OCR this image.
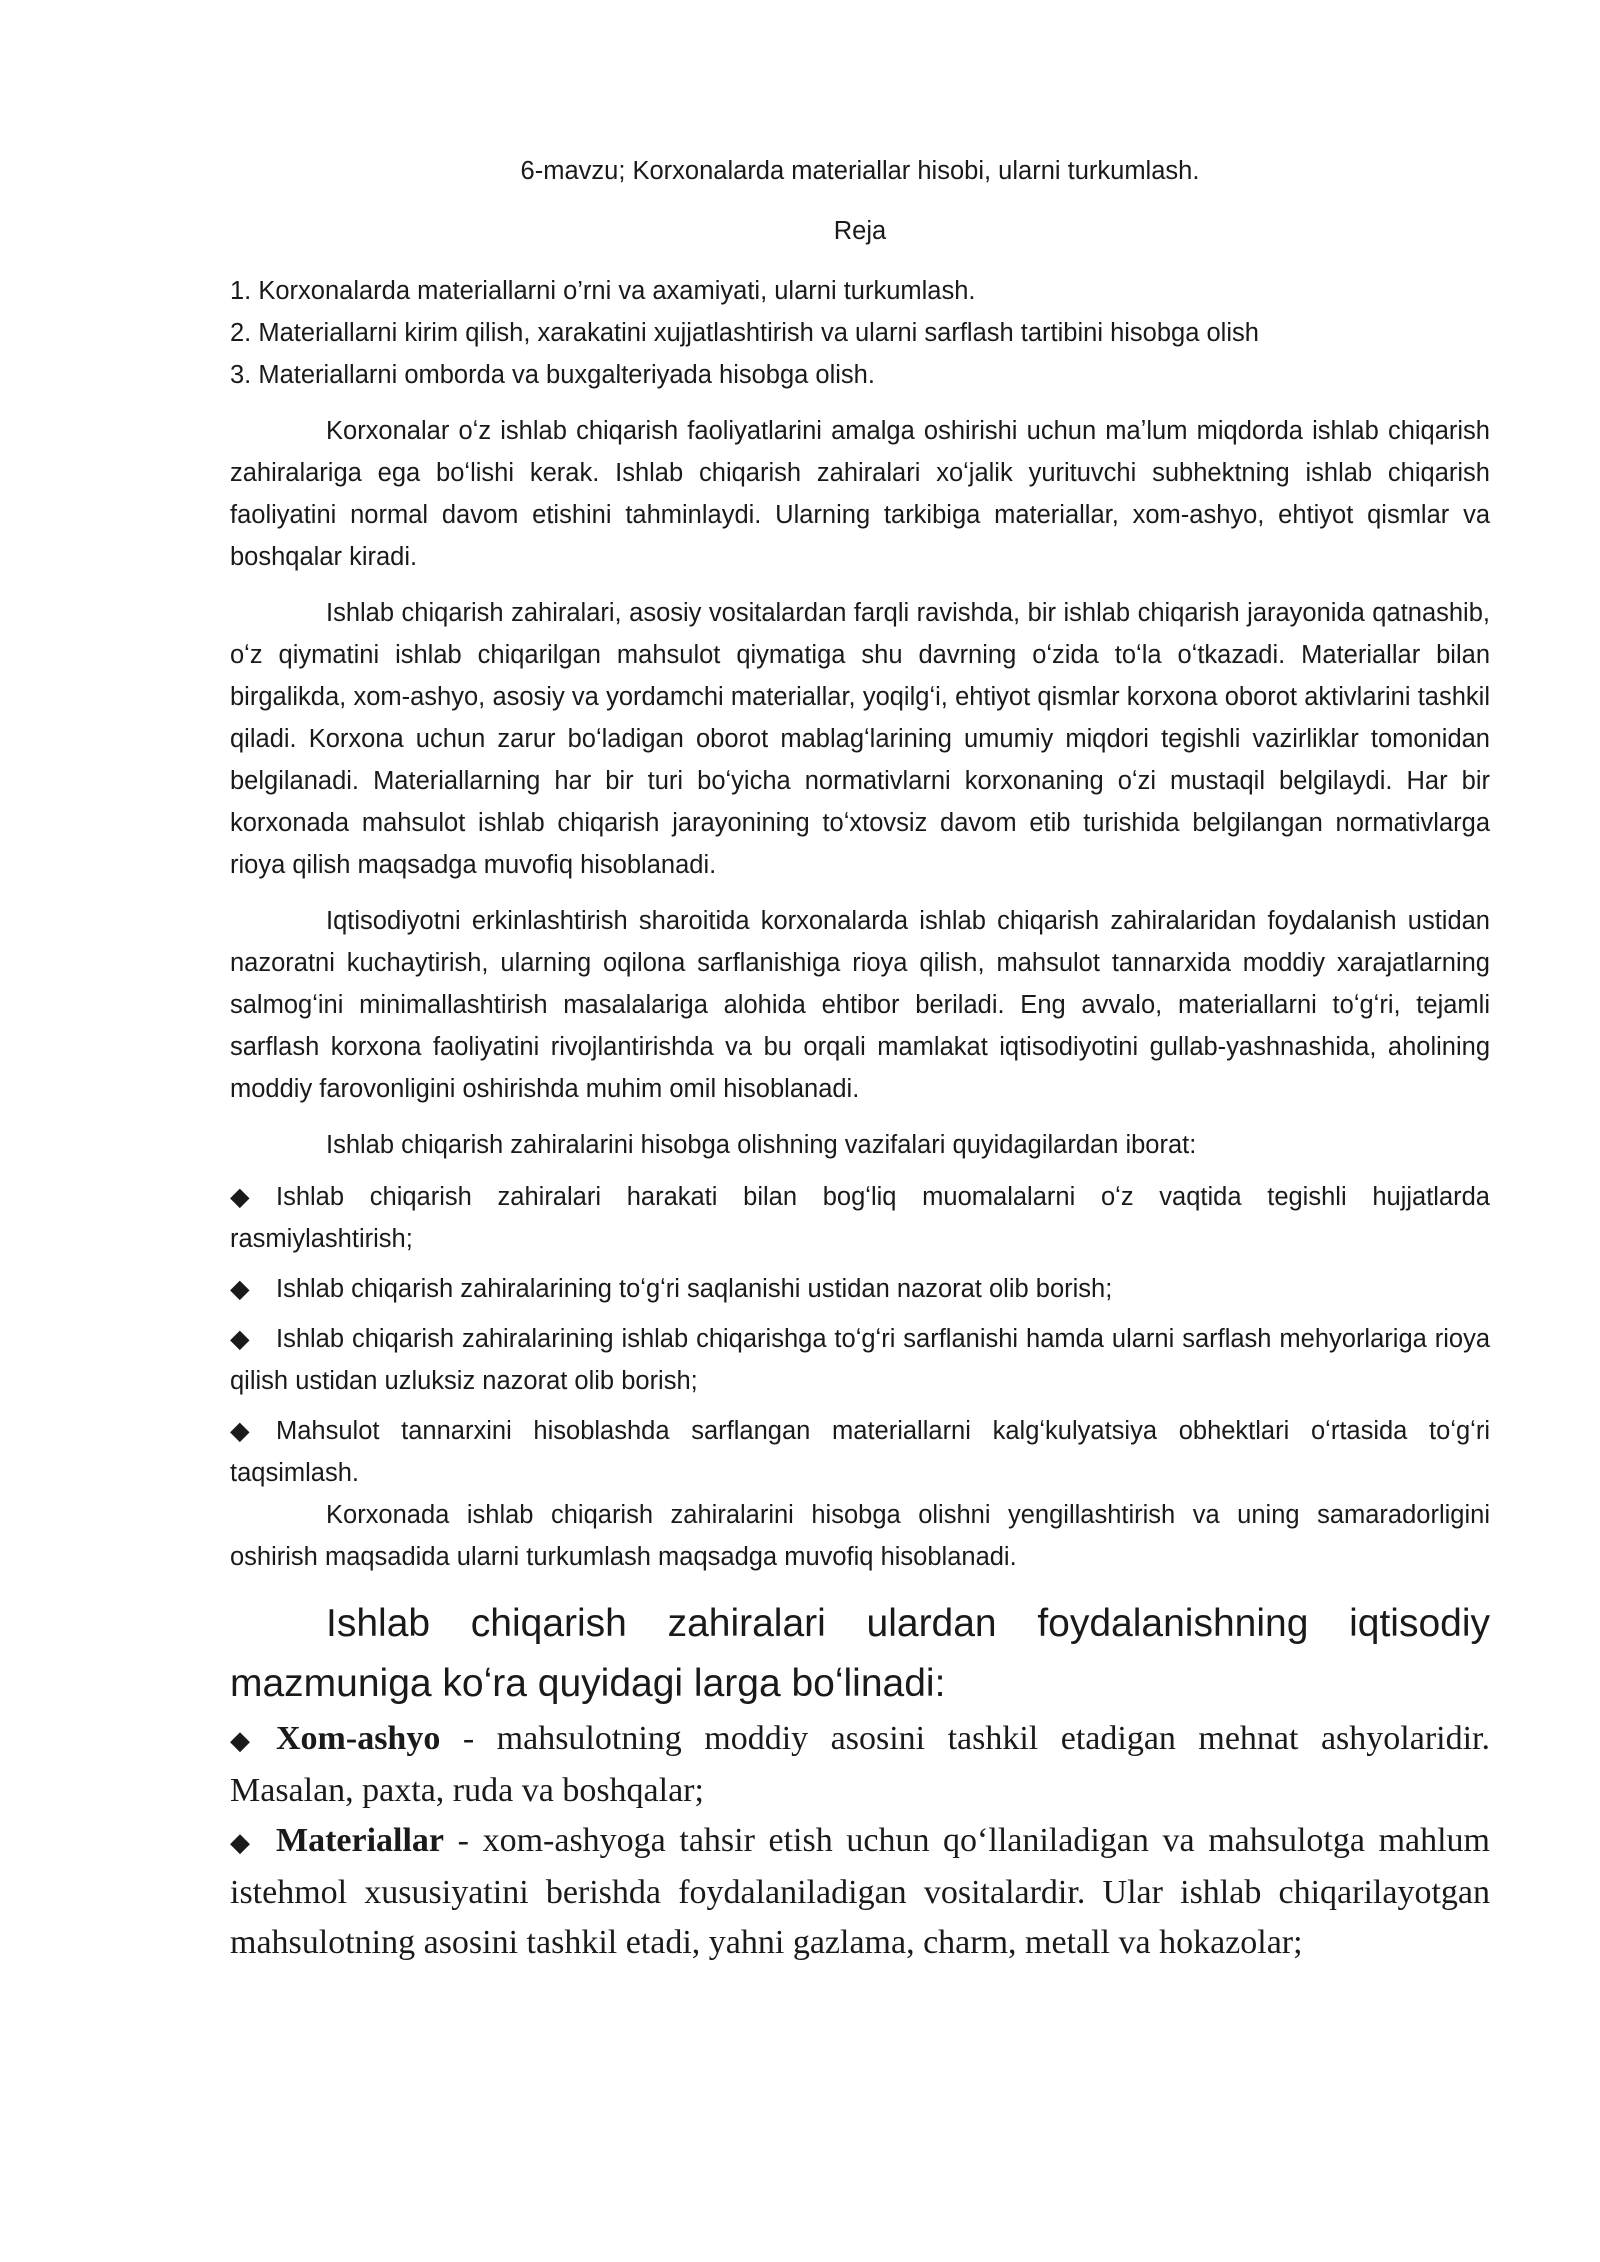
6-mavzu; Korxonalarda materiallar hisobi, ularni turkumlash.

Reja

1. Korxonalarda materiallarni o’rni va axamiyati, ularni turkumlash.

2. Materiallarni kirim qilish, xarakatini xujjatlashtirish va ularni sarflash tartibini hisobga olish

3. Materiallarni omborda va buxgalteriyada hisobga olish.

Korxonalar oʻz ishlab chiqarish faoliyatlarini amalga oshirishi uchun maʼlum miqdorda ishlab chiqarish zahiralariga ega boʻlishi kerak. Ishlab chiqarish zahiralari xoʻjalik yurituvchi subhektning ishlab chiqarish faoliyatini normal davom etishini tahminlaydi. Ularning tarkibiga materiallar, xom-ashyo, ehtiyot qismlar va boshqalar kiradi.

Ishlab chiqarish zahiralari, asosiy vositalardan farqli ravishda, bir ishlab chiqarish jarayonida qatnashib, oʻz qiymatini ishlab chiqarilgan mahsulot qiymatiga shu davrning oʻzida toʻla oʻtkazadi. Materiallar bilan birgalikda, xom-ashyo, asosiy va yordamchi materiallar, yoqilgʻi, ehtiyot qismlar korxona oborot aktivlarini tashkil qiladi. Korxona uchun zarur boʻladigan oborot mablagʻlarining umumiy miqdori tegishli vazirliklar tomonidan belgilanadi. Materiallarning har bir turi boʻyicha normativlarni korxonaning oʻzi mustaqil belgilaydi. Har bir korxonada mahsulot ishlab chiqarish jarayonining toʻxtovsiz davom etib turishida belgilangan normativlarga rioya qilish maqsadga muvofiq hisoblanadi.

Iqtisodiyotni erkinlashtirish sharoitida korxonalarda ishlab chiqarish zahiralaridan foydalanish ustidan nazoratni kuchaytirish, ularning oqilona sarflanishiga rioya qilish, mahsulot tannarxida moddiy xarajatlarning salmogʻini minimallashtirish masalalariga alohida ehtibor beriladi. Eng avvalo, materiallarni toʻgʻri, tejamli sarflash korxona faoliyatini rivojlantirishda va bu orqali mamlakat iqtisodiyotini gullab-yashnashida, aholining moddiy farovonligini oshirishda muhim omil hisoblanadi.

Ishlab chiqarish zahiralarini hisobga olishning vazifalari quyidagilardan iborat:

◆ Ishlab chiqarish zahiralari harakati bilan bogʻliq muomalalarni oʻz vaqtida tegishli hujjatlarda rasmiylashtirish;

◆ Ishlab chiqarish zahiralarining toʻgʻri saqlanishi ustidan nazorat olib borish;

◆ Ishlab chiqarish zahiralarining ishlab chiqarishga toʻgʻri sarflanishi hamda ularni sarflash mehyorlariga rioya qilish ustidan uzluksiz nazorat olib borish;

◆ Mahsulot tannarxini hisoblashda sarflangan materiallarni kalgʻkulyatsiya obhektlari oʻrtasida toʻgʻri taqsimlash.

Korxonada ishlab chiqarish zahiralarini hisobga olishni yengillashtirish va uning samaradorligini oshirish maqsadida ularni turkumlash maqsadga muvofiq hisoblanadi.

Ishlab chiqarish zahiralari ulardan foydalanishning iqtisodiy mazmuniga koʻra quyidagi larga boʻlinadi:

◆ Xom-ashyo - mahsulotning moddiy asosini tashkil etadigan mehnat ashyolaridir. Masalan, paxta, ruda va boshqalar;

◆ Materiallar - xom-ashyoga tahsir etish uchun qoʻllaniladigan va mahsulotga mahlum istehmol xususiyatini berishda foydalaniladigan vositalardir. Ular ishlab chiqarilayotgan mahsulotning asosini tashkil etadi, yahni gazlama, charm, metall va hokazolar;
